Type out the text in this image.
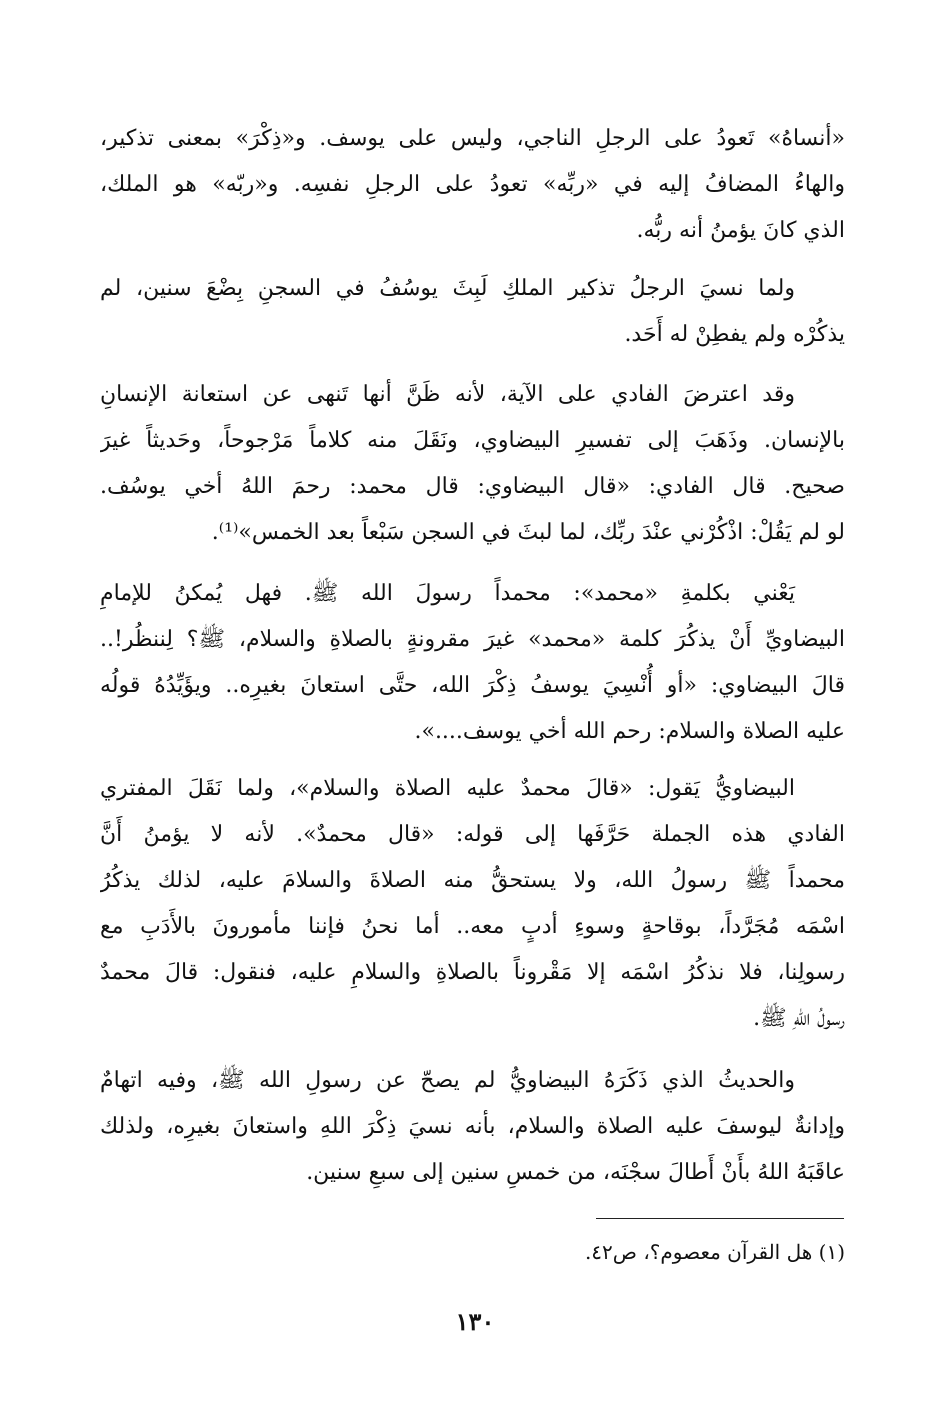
«أنساهُ» تَعودُ على الرجلِ الناجي، وليس على يوسف. و«ذِكْرَ» بمعنى تذكير،
والهاءُ المضافُ إليه في «ربِّه» تعودُ على الرجلِ نفسِه. و«ربّه» هو الملك،
الذي كانَ يؤمنُ أنه ربُّه.
ولما نسيَ الرجلُ تذكير الملكِ لَبِثَ يوسُفُ في السجنِ بِضْعَ سنين، لم
يذكُرْه ولم يفطِنْ له أَحَد.
وقد اعترضَ الفادي على الآية، لأنه ظَنَّ أنها تَنهى عن استعانة الإنسانِ
بالإنسان. وذَهَبَ إلى تفسيرِ البيضاوي، ونَقَلَ منه كلاماً مَرْجوحاً، وحَديثاً غيرَ
صحيح. قال الفادي: «قال البيضاوي: قال محمد: رحمَ اللهُ أخي يوسُف.
لو لم يَقُلْ: اذْكُرْني عنْدَ ربِّك، لما لبثَ في السجن سَبْعاً بعد الخمس»⁽¹⁾.
يَعْني بكلمةِ «محمد»: محمداً رسولَ الله ﷺ. فهل يُمكنُ للإمامِ
البيضاويِّ أَنْ يذكُرَ كلمة «محمد» غيرَ مقرونةٍ بالصلاةِ والسلام، ﷺ؟ لِننظُر!..
قالَ البيضاوي: «أو أُنْسِيَ يوسفُ ذِكْرَ الله، حتَّى استعانَ بغيرِه.. ويؤَيِّدُهُ قولُه
عليه الصلاة والسلام: رحم الله أخي يوسف....».
البيضاويُّ يَقول: «قالَ محمدٌ عليه الصلاة والسلام»، ولما نَقَلَ المفتري
الفادي هذه الجملة حَرَّفَها إلى قوله: «قال محمدٌ». لأنه لا يؤمنُ أَنَّ
محمداً ﷺ رسولُ الله، ولا يستحقُّ منه الصلاةَ والسلامَ عليه، لذلك يذكُرُ
اسْمَه مُجَرَّداً، بوقاحةٍ وسوءِ أدبٍ معه.. أما نحنُ فإننا مأمورونَ بالأَدَبِ مع
رسولِنا، فلا نذكُرُ اسْمَه إلا مَقْروناً بالصلاةِ والسلامِ عليه، فنقول: قالَ محمدٌ
رسولُ اللهِ ﷺ.
والحديثُ الذي ذَكَرَهُ البيضاويُّ لم يصحّ عن رسولِ الله ﷺ، وفيه اتهامٌ
وإدانةٌ ليوسفَ عليه الصلاة والسلام، بأنه نسيَ ذِكْرَ اللهِ واستعانَ بغيرِه، ولذلك
عاقَبَهُ اللهُ بأَنْ أَطالَ سجْنَه، من خمسِ سنين إلى سبعِ سنين.
(١) هل القرآن معصوم؟، ص٤٢.
١٣٠
